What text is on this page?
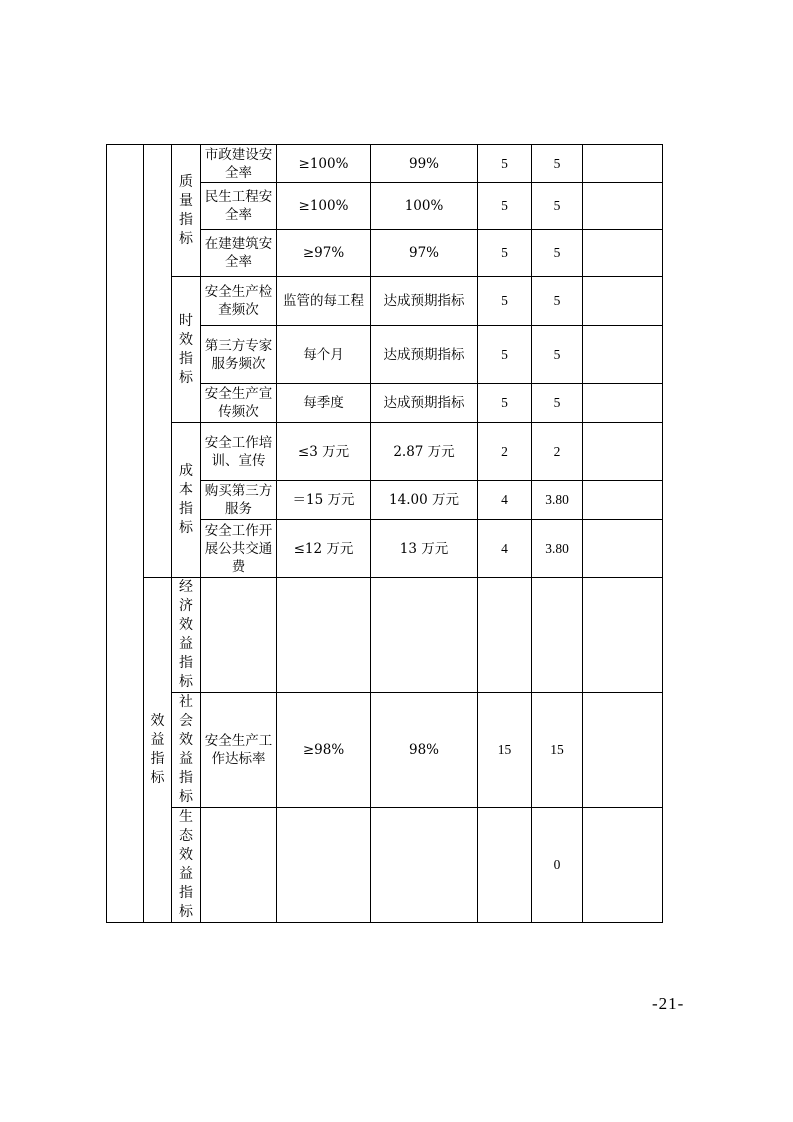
		质量指标	市政建设安全率	≥100%	99%	5	5	
			民生工程安全率	≥100%	100%	5	5	
			在建建筑安全率	≥97%	97%	5	5	

		时效指标	安全生产检查频次	监管的每工程	达成预期指标	5	5	
			第三方专家服务频次	每个月	达成预期指标	5	5	
			安全生产宣传频次	每季度	达成预期指标	5	5	

		成本指标	安全工作培训、宣传	≤3 万元	2.87 万元	2	2	
			购买第三方服务	＝15 万元	14.00 万元	4	3.80	
			安全工作开展公共交通费	≤12 万元	13 万元	4	3.80	

	效益指标	经济效益指标						

		社会效益指标	安全生产工作达标率	≥98%	98%	15	15	

		生态效益指标					0	
-21-
